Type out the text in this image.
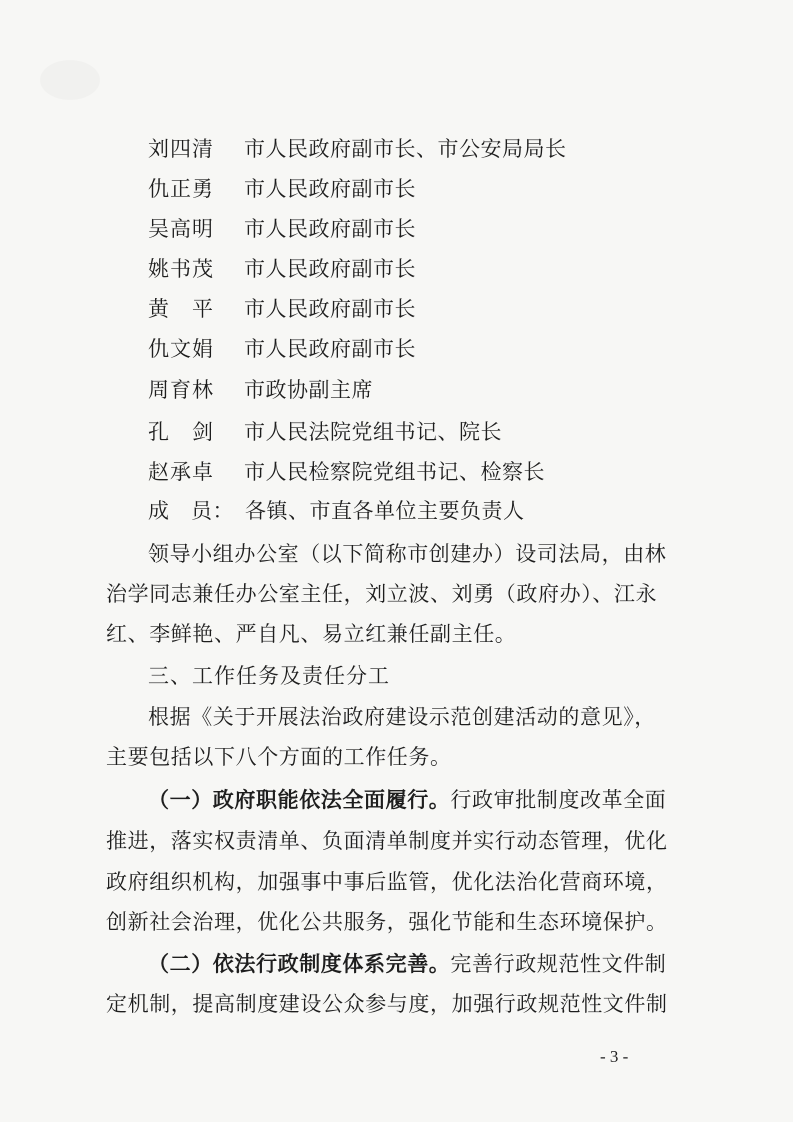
刘四清 市人民政府副市长、市公安局局长
仇正勇 市人民政府副市长
吴高明 市人民政府副市长
姚书茂 市人民政府副市长
黄　平 市人民政府副市长
仇文娟 市人民政府副市长
周育林 市政协副主席
孔　剑 市人民法院党组书记、院长
赵承卓 市人民检察院党组书记、检察长
成　员：　各镇、市直各单位主要负责人
领导小组办公室（以下简称市创建办）设司法局，由林
治学同志兼任办公室主任，刘立波、刘勇（政府办）、江永
红、李鲜艳、严自凡、易立红兼任副主任。
三、工作任务及责任分工
根据《关于开展法治政府建设示范创建活动的意见》，
主要包括以下八个方面的工作任务。
（一）政府职能依法全面履行。行政审批制度改革全面
推进，落实权责清单、负面清单制度并实行动态管理，优化
政府组织机构，加强事中事后监管，优化法治化营商环境，
创新社会治理，优化公共服务，强化节能和生态环境保护。
（二）依法行政制度体系完善。完善行政规范性文件制
定机制，提高制度建设公众参与度，加强行政规范性文件制
- 3 -
